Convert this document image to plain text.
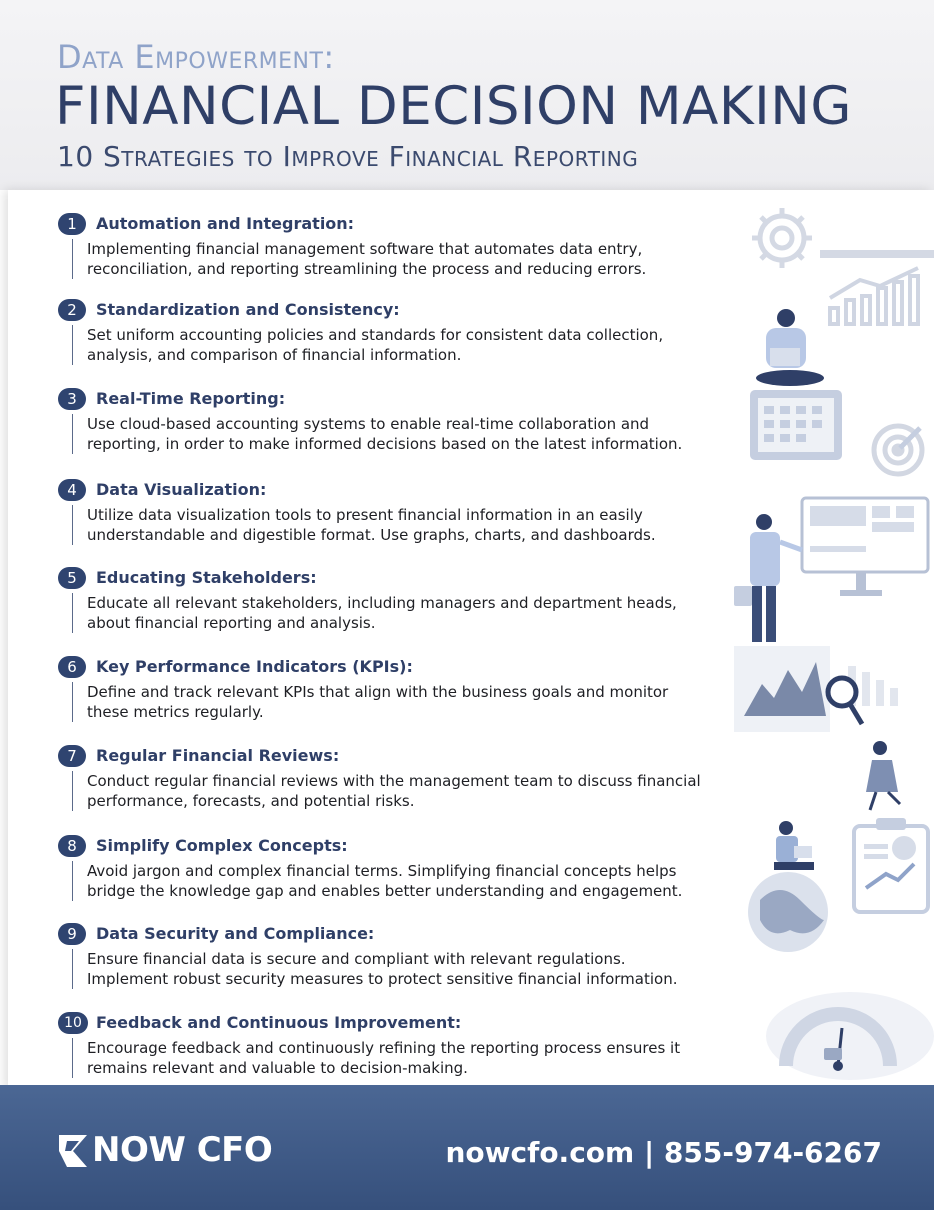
Data Empowerment:
FINANCIAL DECISION MAKING
10 Strategies to Improve Financial Reporting
1	Automation and Integration:
Implementing financial management software that automates data entry, reconciliation, and reporting streamlining the process and reducing errors.
2	Standardization and Consistency:
Set uniform accounting policies and standards for consistent data collection, analysis, and comparison of financial information.
3	Real-Time Reporting:
Use cloud-based accounting systems to enable real-time collaboration and reporting, in order to make informed decisions based on the latest information.
4	Data Visualization:
Utilize data visualization tools to present financial information in an easily understandable and digestible format. Use graphs, charts, and dashboards.
5	Educating Stakeholders:
Educate all relevant stakeholders, including managers and department heads, about financial reporting and analysis.
6	Key Performance Indicators (KPIs):
Define and track relevant KPIs that align with the business goals and monitor these metrics regularly.
7	Regular Financial Reviews:
Conduct regular financial reviews with the management team to discuss financial performance, forecasts, and potential risks.
8	Simplify Complex Concepts:
Avoid jargon and complex financial terms. Simplifying financial concepts helps bridge the knowledge gap and enables better understanding and engagement.
9	Data Security and Compliance:
Ensure financial data is secure and compliant with relevant regulations. Implement robust security measures to protect sensitive financial information.
10 Feedback and Continuous Improvement:
Encourage feedback and continuously refining the reporting process ensures it remains relevant and valuable to decision-making.
NOW CFO	nowcfo.com | 855-974-6267
